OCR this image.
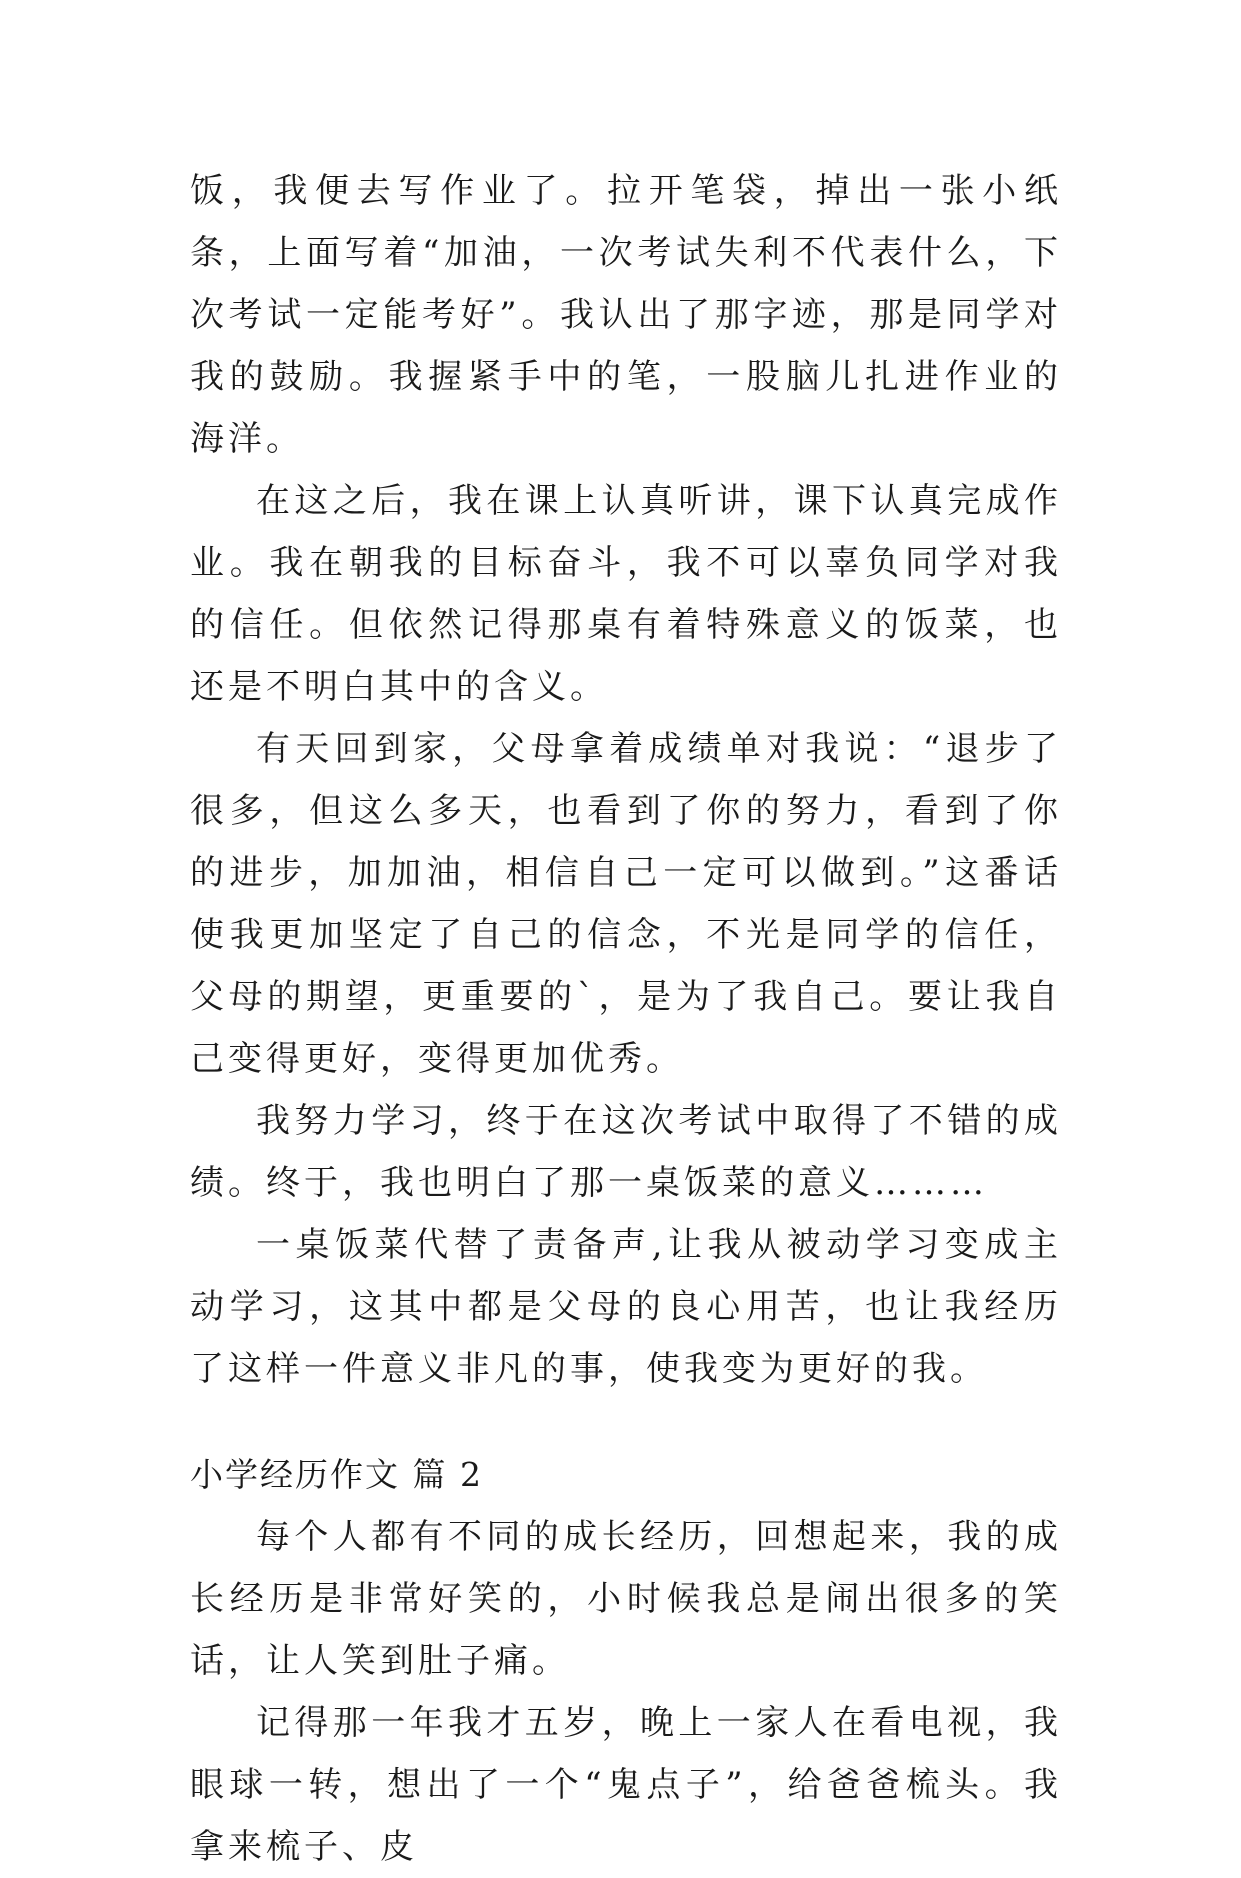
饭，我便去写作业了。拉开笔袋，掉出一张小纸条，上面写着“加油，一次考试失利不代表什么，下次考试一定能考好”。我认出了那字迹，那是同学对我的鼓励。我握紧手中的笔，一股脑儿扎进作业的海洋。

在这之后，我在课上认真听讲，课下认真完成作业。我在朝我的目标奋斗，我不可以辜负同学对我的信任。但依然记得那桌有着特殊意义的饭菜，也还是不明白其中的含义。

有天回到家，父母拿着成绩单对我说：“退步了很多，但这么多天，也看到了你的努力，看到了你的进步，加加油，相信自己一定可以做到。”这番话使我更加坚定了自己的信念，不光是同学的信任，父母的期望，更重要的`，是为了我自己。要让我自己变得更好，变得更加优秀。

我努力学习，终于在这次考试中取得了不错的成绩。终于，我也明白了那一桌饭菜的意义………

一桌饭菜代替了责备声,让我从被动学习变成主动学习，这其中都是父母的良心用苦，也让我经历了这样一件意义非凡的事，使我变为更好的我。

小学经历作文 篇 2

每个人都有不同的成长经历，回想起来，我的成长经历是非常好笑的，小时候我总是闹出很多的笑话，让人笑到肚子痛。

记得那一年我才五岁，晚上一家人在看电视，我眼球一转，想出了一个“鬼点子”，给爸爸梳头。我拿来梳子、皮
